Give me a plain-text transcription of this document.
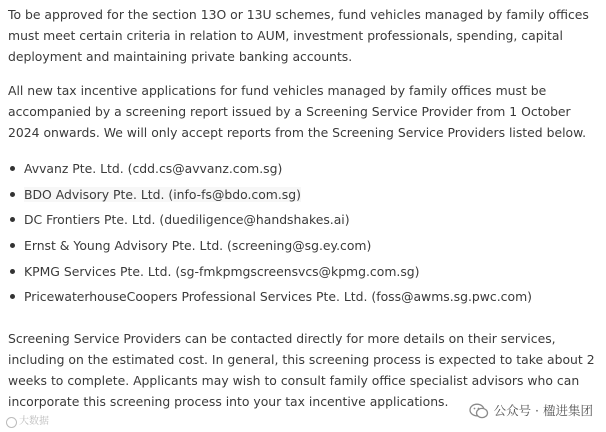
To be approved for the section 13O or 13U schemes, fund vehicles managed by family offices must meet certain criteria in relation to AUM, investment professionals, spending, capital deployment and maintaining private banking accounts.

All new tax incentive applications for fund vehicles managed by family offices must be accompanied by a screening report issued by a Screening Service Provider from 1 October 2024 onwards. We will only accept reports from the Screening Service Providers listed below.

Avvanz Pte. Ltd. (cdd.cs@avvanz.com.sg)
BDO Advisory Pte. Ltd. (info-fs@bdo.com.sg)
DC Frontiers Pte. Ltd. (duediligence@handshakes.ai)
Ernst & Young Advisory Pte. Ltd. (screening@sg.ey.com)
KPMG Services Pte. Ltd. (sg-fmkpmgscreensvcs@kpmg.com.sg)
PricewaterhouseCoopers Professional Services Pte. Ltd. (foss@awms.sg.pwc.com)

Screening Service Providers can be contacted directly for more details on their services, including on the estimated cost. In general, this screening process is expected to take about 2 weeks to complete. Applicants may wish to consult family office specialist advisors who can incorporate this screening process into your tax incentive applications.

大数据
公众号 · 楹进集团
